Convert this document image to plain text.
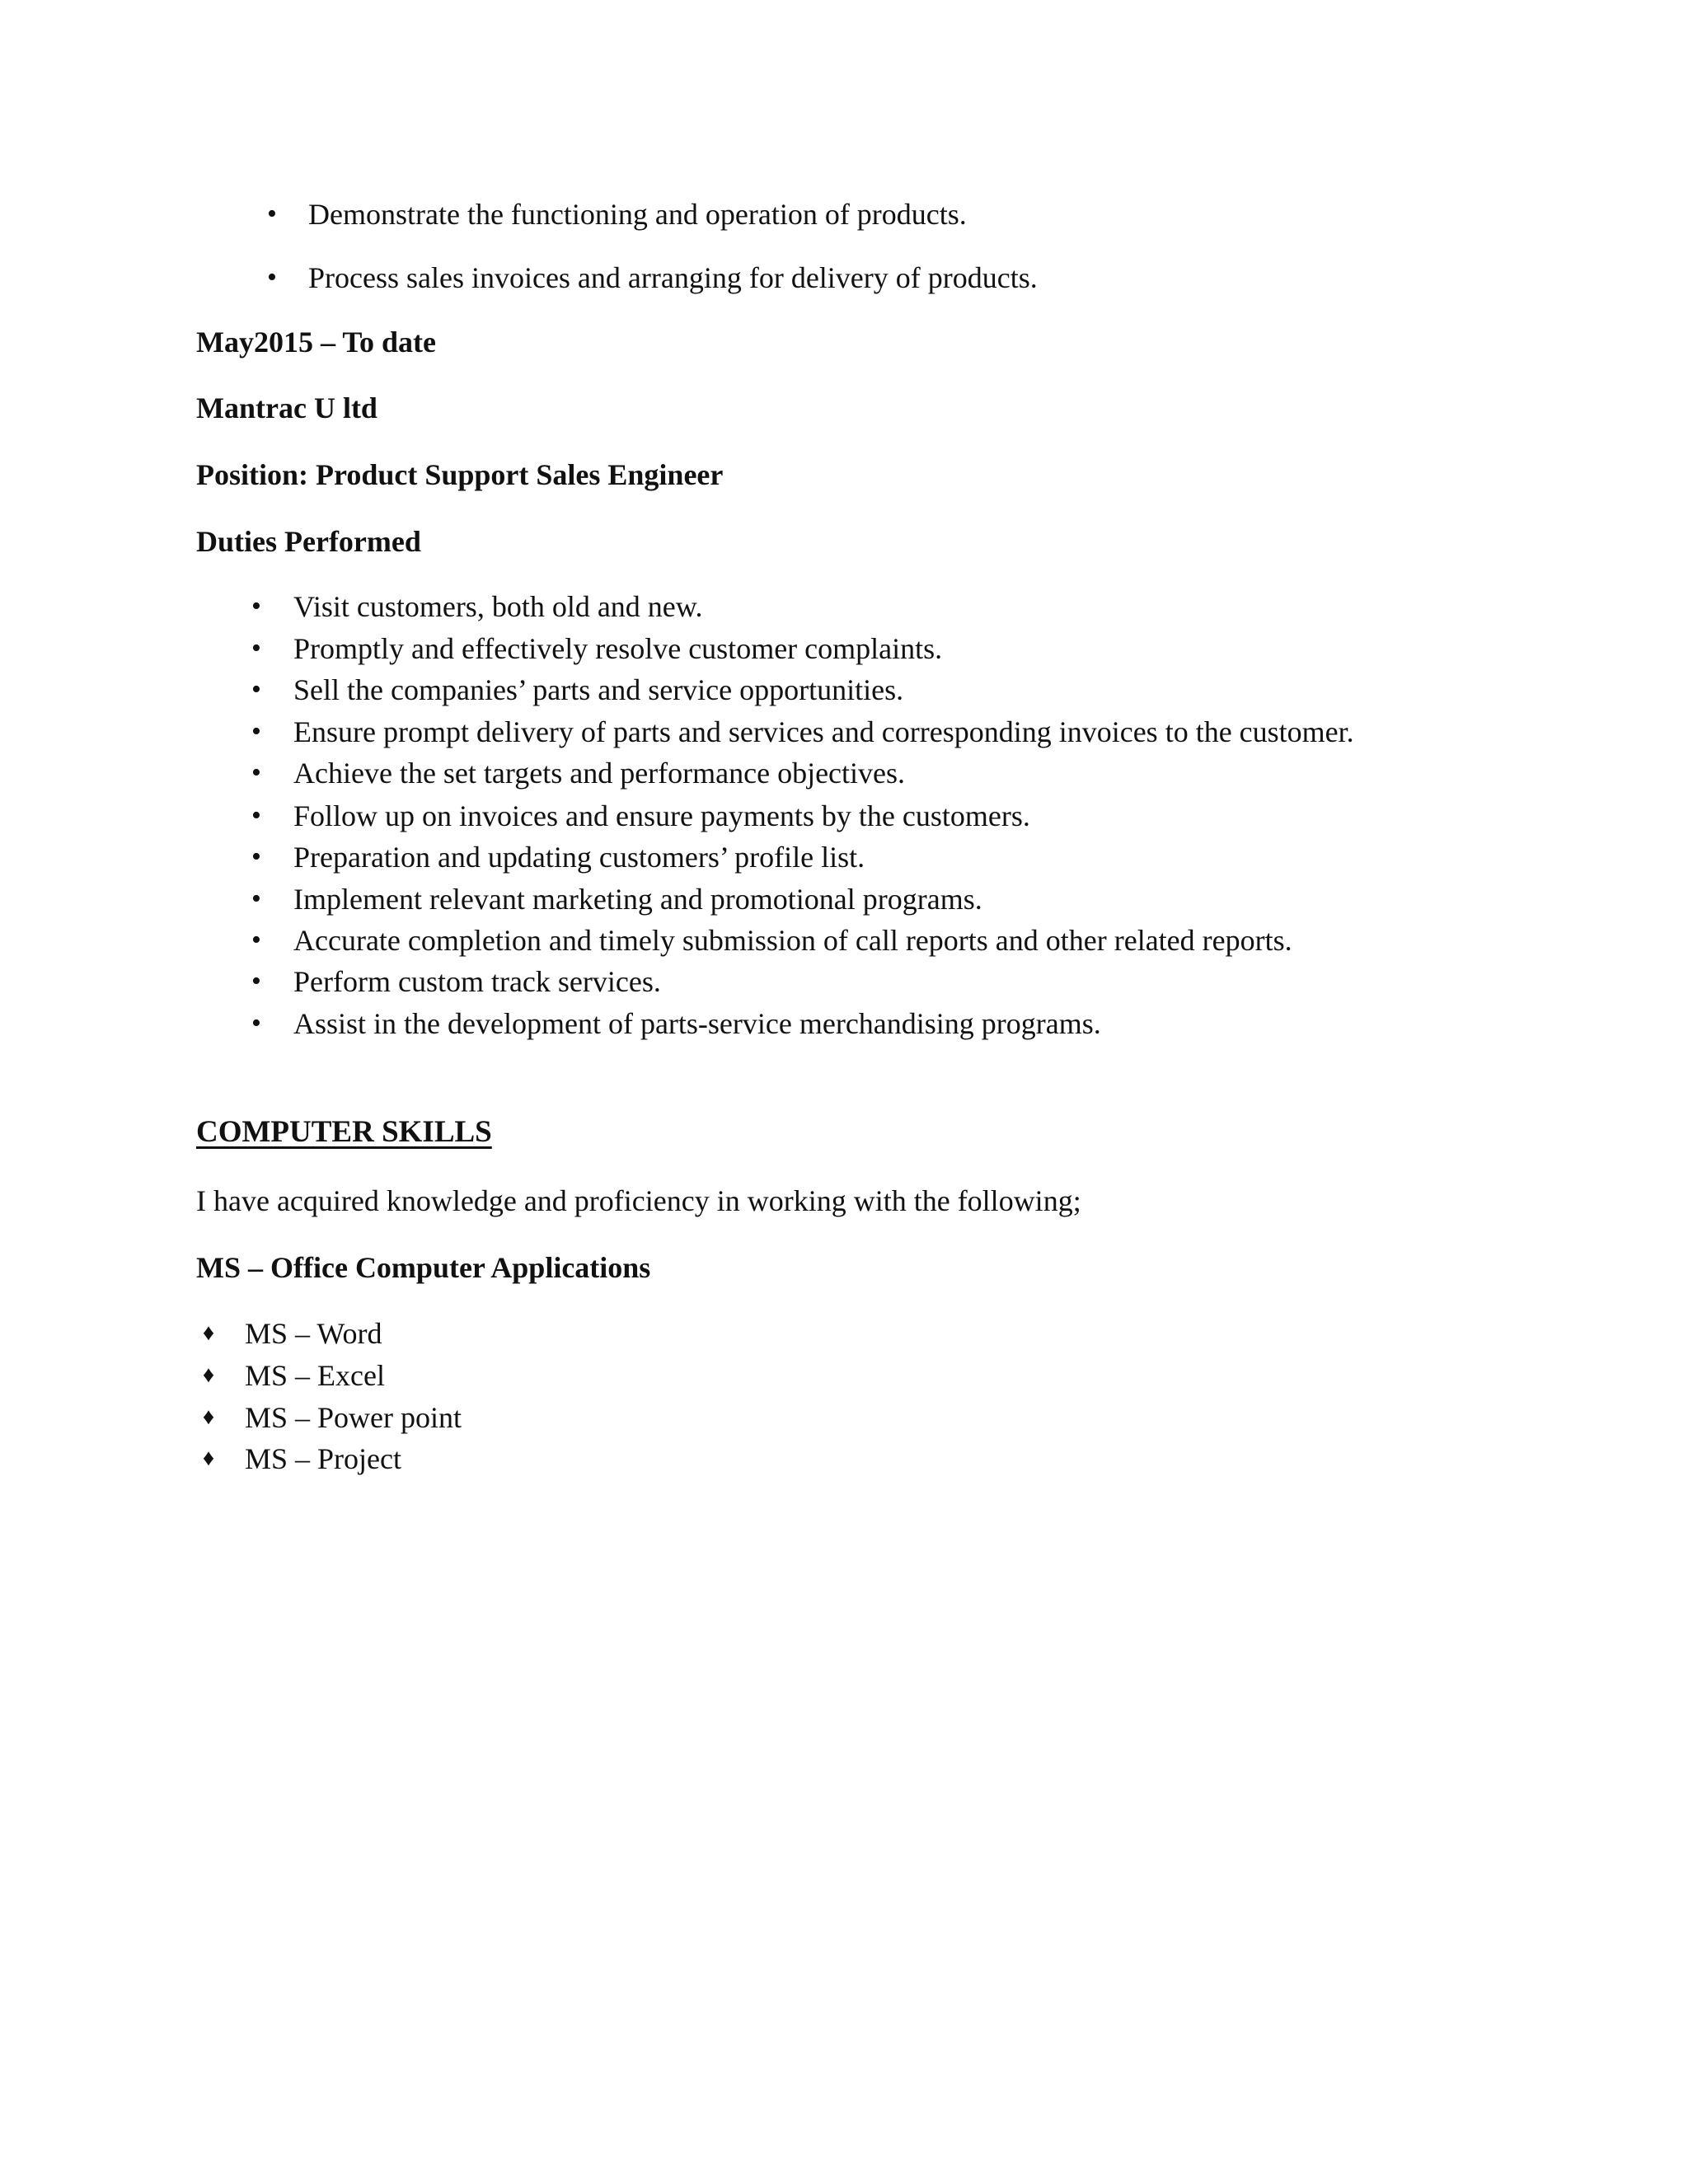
• Demonstrate the functioning and operation of products.
• Process sales invoices and arranging for delivery of products.
May2015 – To date
Mantrac U ltd
Position: Product Support Sales Engineer
Duties Performed
• Visit customers, both old and new.
• Promptly and effectively resolve customer complaints.
• Sell the companies’ parts and service opportunities.
• Ensure prompt delivery of parts and services and corresponding invoices to the customer.
• Achieve the set targets and performance objectives.
• Follow up on invoices and ensure payments by the customers.
• Preparation and updating customers’ profile list.
• Implement relevant marketing and promotional programs.
• Accurate completion and timely submission of call reports and other related reports.
• Perform custom track services.
• Assist in the development of parts-service merchandising programs.
COMPUTER SKILLS
I have acquired knowledge and proficiency in working with the following;
MS – Office Computer Applications
♦ MS – Word
♦ MS – Excel
♦ MS – Power point
♦ MS – Project
